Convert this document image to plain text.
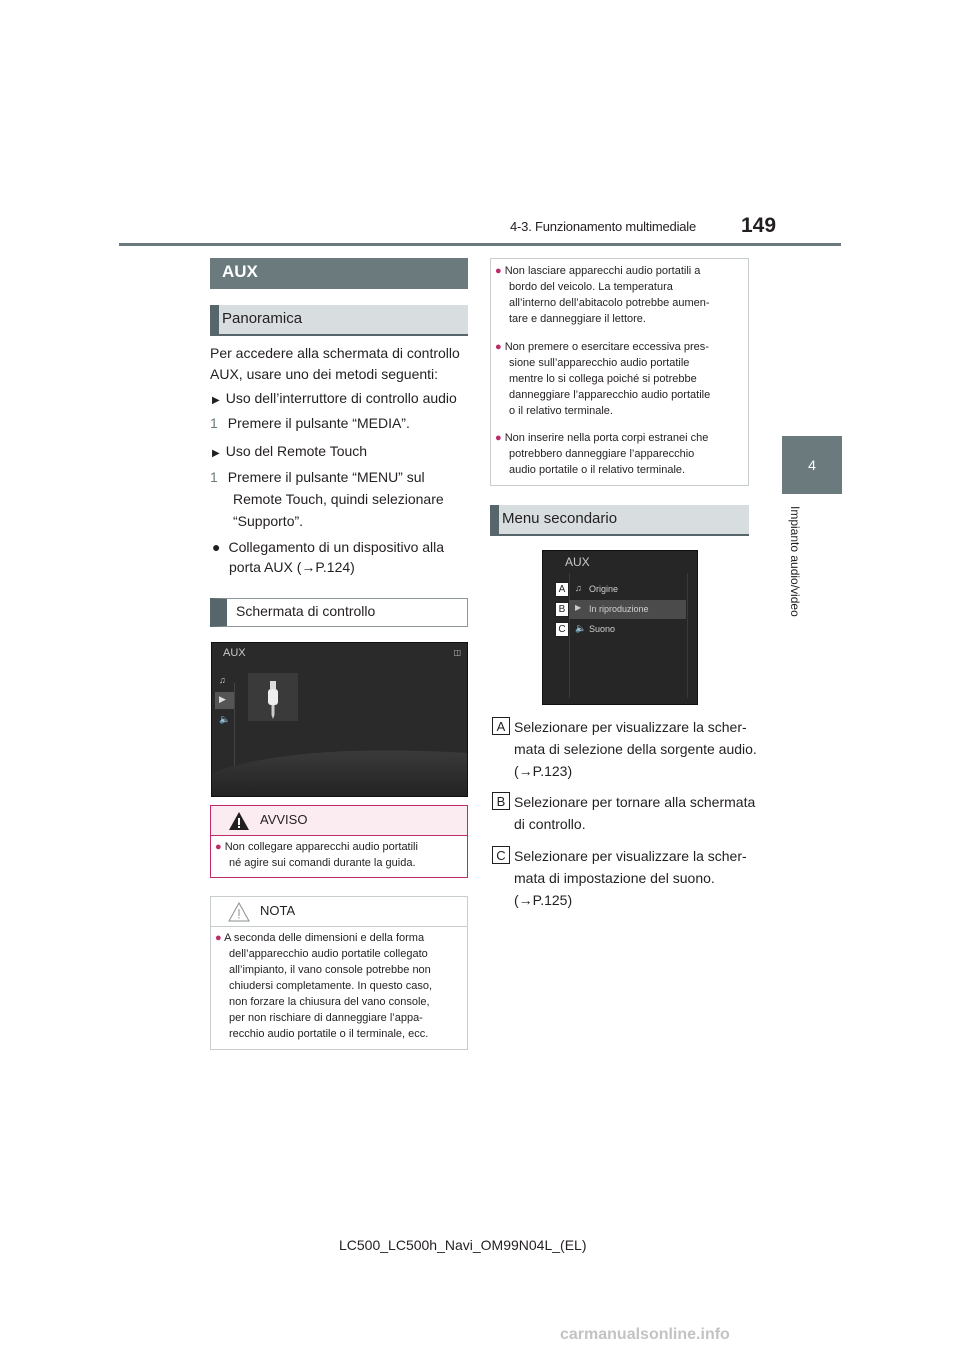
4-3. Funzionamento multimediale 149
4
Impianto audio/video
AUX
Panoramica
Per accedere alla schermata di controllo AUX, usare uno dei metodi seguenti:
▶ Uso dell’interruttore di controllo audio
1 Premere il pulsante “MEDIA”.
▶ Uso del Remote Touch
1 Premere il pulsante “MENU” sul
Remote Touch, quindi selezionare
“Supporto”.
● Collegamento di un dispositivo alla
porta AUX (→P.124)
Schermata di controllo
AUX	◫
♫
▶
🔈
AVVISO
● Non collegare apparecchi audio portatili
né agire sui comandi durante la guida.
NOTA
● A seconda delle dimensioni e della forma
dell’apparecchio audio portatile collegato
all’impianto, il vano console potrebbe non
chiudersi completamente. In questo caso,
non forzare la chiusura del vano console,
per non rischiare di danneggiare l’appa-
recchio audio portatile o il terminale, ecc.
● Non lasciare apparecchi audio portatili a
bordo del veicolo. La temperatura
all’interno dell’abitacolo potrebbe aumen-
tare e danneggiare il lettore.
● Non premere o esercitare eccessiva pres-
sione sull’apparecchio audio portatile
mentre lo si collega poiché si potrebbe
danneggiare l’apparecchio audio portatile
o il relativo terminale.
● Non inserire nella porta corpi estranei che
potrebbero danneggiare l’apparecchio
audio portatile o il relativo terminale.
Menu secondario
AUX
A	♫ Origine
B	▶ In riproduzione
C	🔈 Suono
A Selezionare per visualizzare la scher-
mata di selezione della sorgente audio.
(→P.123)
B Selezionare per tornare alla schermata
di controllo.
C Selezionare per visualizzare la scher-
mata di impostazione del suono.
(→P.125)
LC500_LC500h_Navi_OM99N04L_(EL)
carmanualsonline.info
